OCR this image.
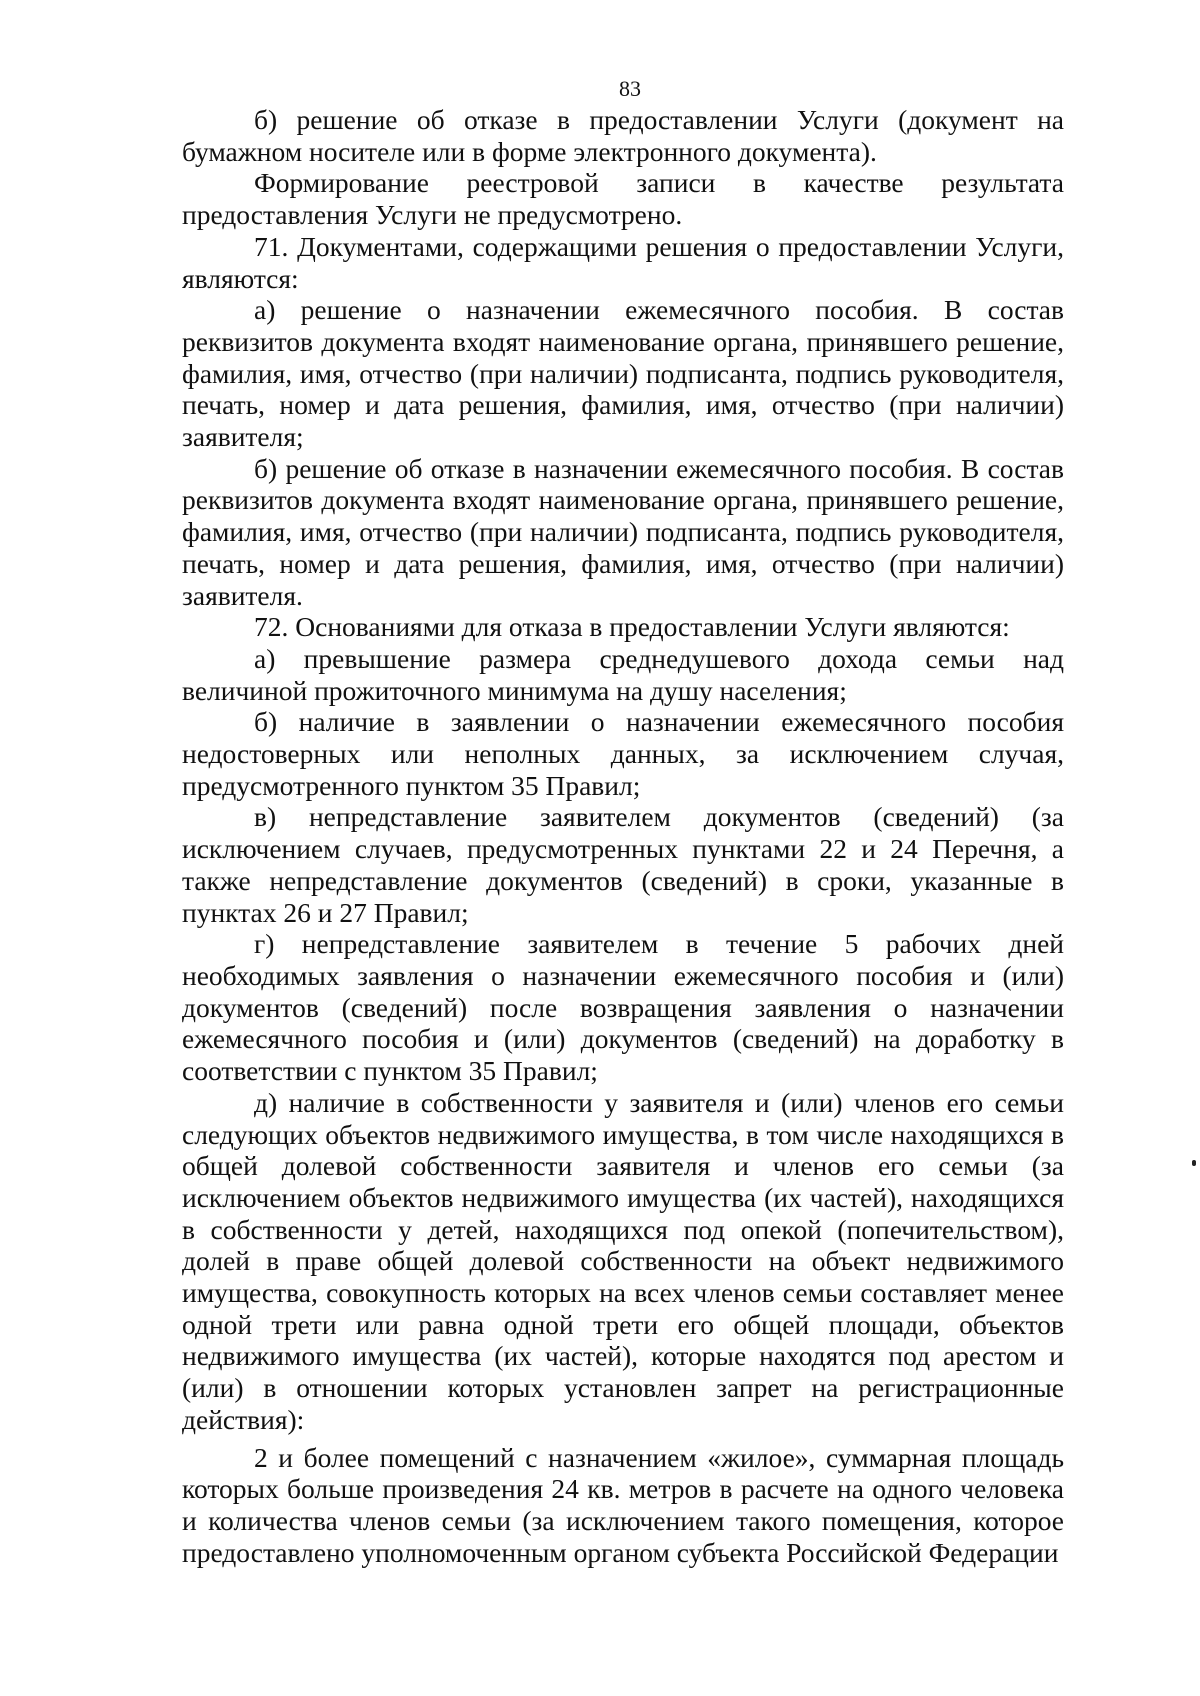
83

б) решение об отказе в предоставлении Услуги (документ на бумажном носителе или в форме электронного документа).

Формирование реестровой записи в качестве результата предоставления Услуги не предусмотрено.

71. Документами, содержащими решения о предоставлении Услуги, являются:

а) решение о назначении ежемесячного пособия. В состав реквизитов документа входят наименование органа, принявшего решение, фамилия, имя, отчество (при наличии) подписанта, подпись руководителя, печать, номер и дата решения, фамилия, имя, отчество (при наличии) заявителя;

б) решение об отказе в назначении ежемесячного пособия. В состав реквизитов документа входят наименование органа, принявшего решение, фамилия, имя, отчество (при наличии) подписанта, подпись руководителя, печать, номер и дата решения, фамилия, имя, отчество (при наличии) заявителя.

72. Основаниями для отказа в предоставлении Услуги являются:

а) превышение размера среднедушевого дохода семьи над величиной прожиточного минимума на душу населения;

б) наличие в заявлении о назначении ежемесячного пособия недостоверных или неполных данных, за исключением случая, предусмотренного пунктом 35 Правил;

в) непредставление заявителем документов (сведений) (за исключением случаев, предусмотренных пунктами 22 и 24 Перечня, а также непредставление документов (сведений) в сроки, указанные в пунктах 26 и 27 Правил;

г) непредставление заявителем в течение 5 рабочих дней необходимых заявления о назначении ежемесячного пособия и (или) документов (сведений) после возвращения заявления о назначении ежемесячного пособия и (или) документов (сведений) на доработку в соответствии с пунктом 35 Правил;

д) наличие в собственности у заявителя и (или) членов его семьи следующих объектов недвижимого имущества, в том числе находящихся в общей долевой собственности заявителя и членов его семьи (за исключением объектов недвижимого имущества (их частей), находящихся в собственности у детей, находящихся под опекой (попечительством), долей в праве общей долевой собственности на объект недвижимого имущества, совокупность которых на всех членов семьи составляет менее одной трети или равна одной трети его общей площади, объектов недвижимого имущества (их частей), которые находятся под арестом и (или) в отношении которых установлен запрет на регистрационные действия):

2 и более помещений с назначением «жилое», суммарная площадь которых больше произведения 24 кв. метров в расчете на одного человека и количества членов семьи (за исключением такого помещения, которое предоставлено уполномоченным органом субъекта Российской Федерации
